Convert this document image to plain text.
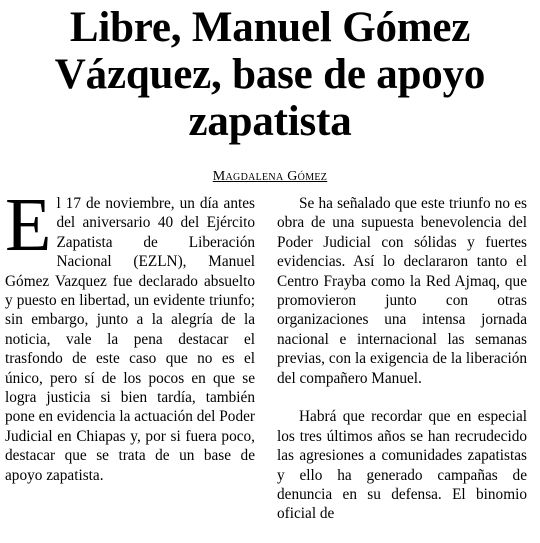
Libre, Manuel Gómez Vázquez, base de apoyo zapatista
Magdalena Gómez

El 17 de noviembre, un día antes del aniversario 40 del Ejército Zapatista de Liberación Nacional (EZLN), Manuel Gómez Vazquez fue declarado absuelto y puesto en libertad, un evidente triunfo; sin embargo, junto a la alegría de la noticia, vale la pena destacar el trasfondo de este caso que no es el único, pero sí de los pocos en que se logra justicia si bien tardía, también pone en evidencia la actuación del Poder Judicial en Chiapas y, por si fuera poco, destacar que se trata de un base de apoyo zapatista.

Se ha señalado que este triunfo no es obra de una supuesta benevolencia del Poder Judicial con sólidas y fuertes evidencias. Así lo declararon tanto el Centro Frayba como la Red Ajmaq, que promovieron junto con otras organizaciones una intensa jornada nacional e internacional las semanas previas, con la exigencia de la liberación del compañero Manuel.

Habrá que recordar que en especial los tres últimos años se han recrudecido las agresiones a comunidades zapatistas y ello ha generado campañas de denuncia en su defensa. El binomio oficial de
